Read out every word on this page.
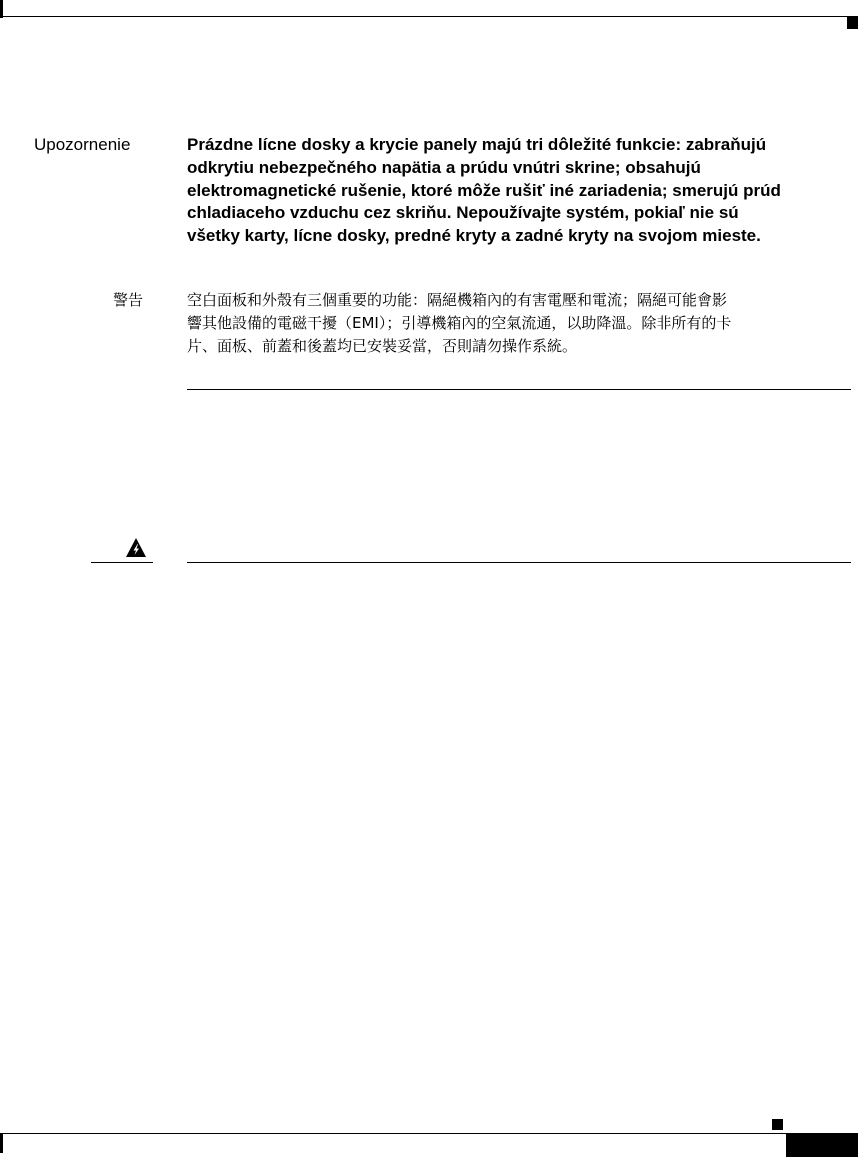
Upozornenie	Prázdne lícne dosky a krycie panely majú tri dôležité funkcie: zabraňujú

odkrytiu nebezpečného napätia a prúdu vnútri skrine; obsahujú

elektromagnetické rušenie, ktoré môže rušiť iné zariadenia; smerujú prúd

chladiaceho vzduchu cez skriňu. Nepoužívajte systém, pokiaľ nie sú

všetky karty, lícne dosky, predné kryty a zadné kryty na svojom mieste.

警告	空白面板和外殼有三個重要的功能：隔絕機箱內的有害電壓和電流；隔絕可能會影

響其他設備的電磁干擾（EMI）；引導機箱內的空氣流通，以助降溫。除非所有的卡

片、面板、前蓋和後蓋均已安裝妥當，否則請勿操作系統。
